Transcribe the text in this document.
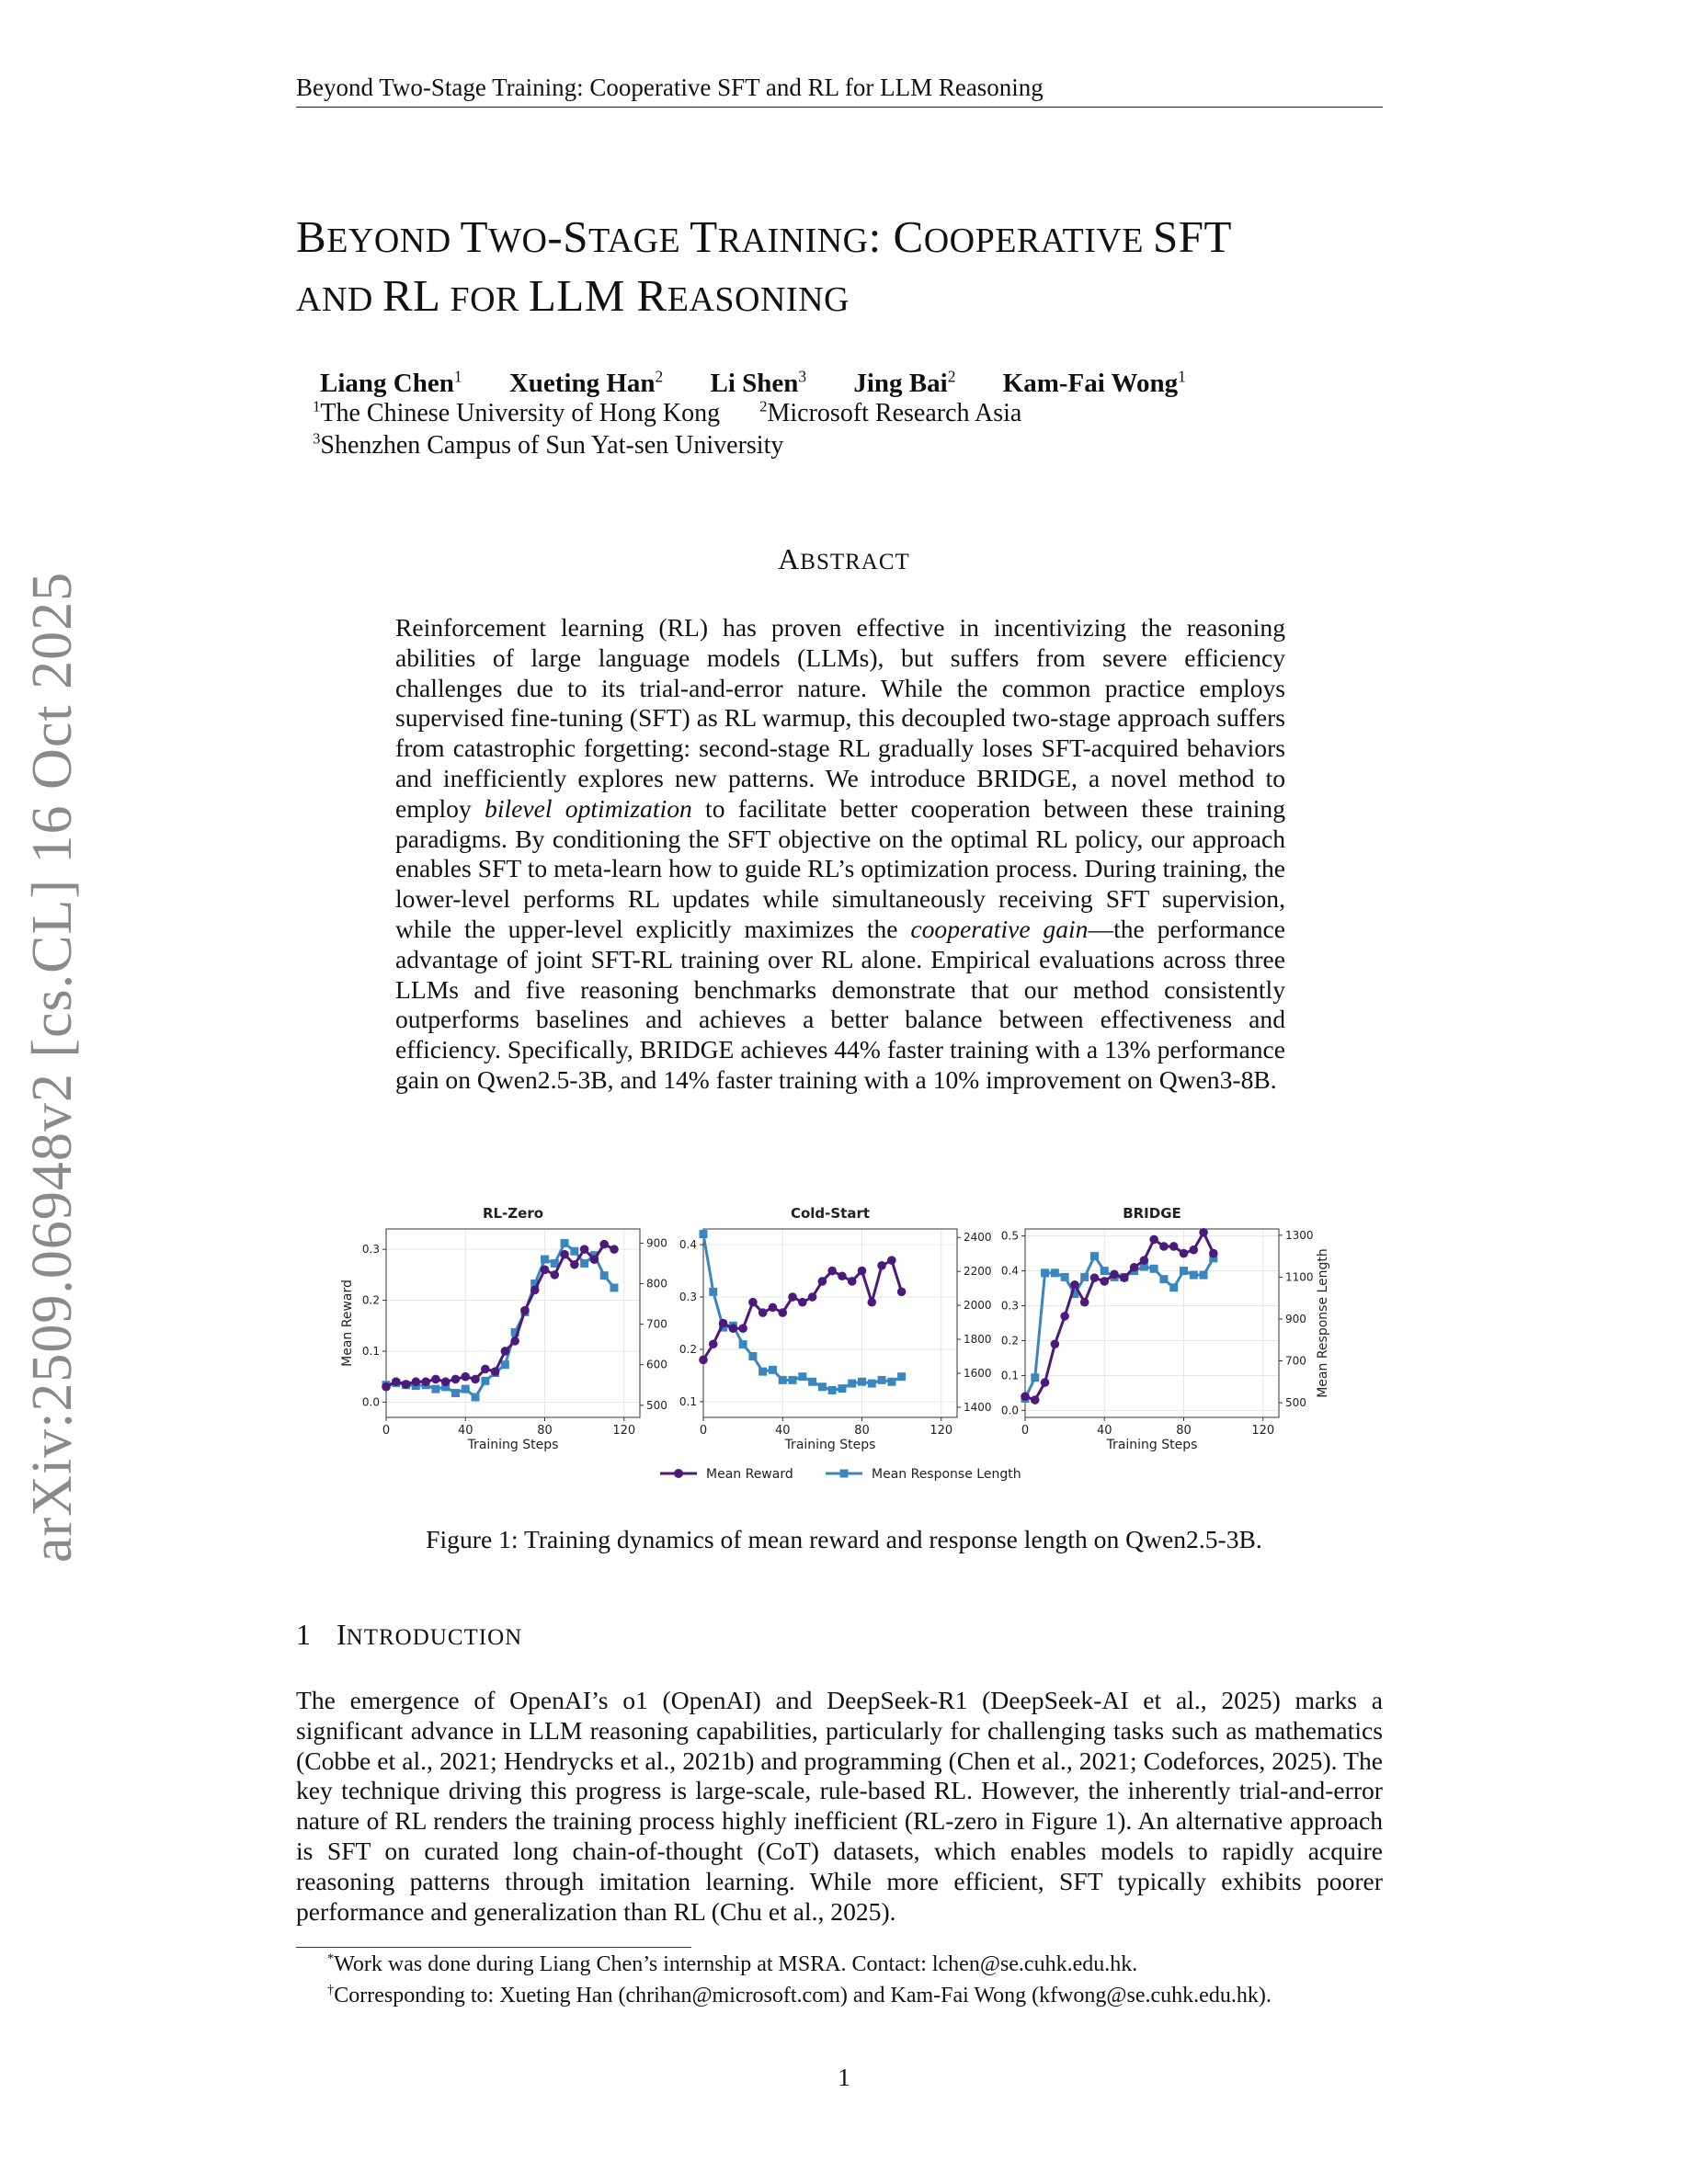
Beyond Two-Stage Training: Cooperative SFT and RL for LLM Reasoning
BEYOND TWO-STAGE TRAINING: COOPERATIVE SFT
AND RL FOR LLM REASONING
Liang Chen$^1$ Xueting Han$^2$ Li Shen$^3$ Jing Bai$^2$ Kam-Fai Wong$^1$
$^1$The Chinese University of Hong Kong	$^2$Microsoft Research Asia
$^3$Shenzhen Campus of Sun Yat-sen University
ABSTRACT
Reinforcement learning (RL) has proven effective in incentivizing the reasoning abilities of large language models (LLMs), but suffers from severe efficiency challenges due to its trial-and-error nature. While the common practice employs supervised fine-tuning (SFT) as RL warmup, this decoupled two-stage approach suffers from catastrophic forgetting: second-stage RL gradually loses SFT-acquired behaviors and inefficiently explores new patterns. We introduce BRIDGE, a novel method to employ bilevel optimization to facilitate better cooperation between these training paradigms. By conditioning the SFT objective on the optimal RL policy, our approach enables SFT to meta-learn how to guide RL’s optimization process. During training, the lower-level performs RL updates while simultaneously receiving SFT supervision, while the upper-level explicitly maximizes the cooperative gain—the performance advantage of joint SFT-RL training over RL alone. Empirical evaluations across three LLMs and five reasoning benchmarks demonstrate that our method consistently outperforms baselines and achieves a better balance between effectiveness and efficiency. Specifically, BRIDGE achieves 44% faster training with a 13% performance gain on Qwen2.5-3B, and 14% faster training with a 10% improvement on Qwen3-8B.
arXiv:2509.06948v2 [cs.CL] 16 Oct 2025	RL-Zero
0	40	80	120
Training Steps
0.0
0.1
0.2
0.3
500
600
700
800
900
Mean Reward
Cold-Start
0	40	80	120
Training Steps
0.1
0.2
0.3
0.4
1400
1600
1800
2000
2200
2400
BRIDGE
0	40	80	120
Training Steps
0.0
0.1
0.2
0.3
0.4
0.5
500
700
900
1100
1300
Mean Response Length
Mean Reward	Mean Response Length
Figure 1: Training dynamics of mean reward and response length on Qwen2.5-3B.
1 INTRODUCTION
The emergence of OpenAI’s o1 (OpenAI) and DeepSeek-R1 (DeepSeek-AI et al., 2025) marks a significant advance in LLM reasoning capabilities, particularly for challenging tasks such as mathematics (Cobbe et al., 2021; Hendrycks et al., 2021b) and programming (Chen et al., 2021; Codeforces, 2025). The key technique driving this progress is large-scale, rule-based RL. However, the inherently trial-and-error nature of RL renders the training process highly inefficient (RL-zero in Figure 1). An alternative approach is SFT on curated long chain-of-thought (CoT) datasets, which enables models to rapidly acquire reasoning patterns through imitation learning. While more efficient, SFT typically exhibits poorer performance and generalization than RL (Chu et al., 2025).
*Work was done during Liang Chen’s internship at MSRA. Contact: lchen@se.cuhk.edu.hk.
†Corresponding to: Xueting Han (chrihan@microsoft.com) and Kam-Fai Wong (kfwong@se.cuhk.edu.hk).
1
